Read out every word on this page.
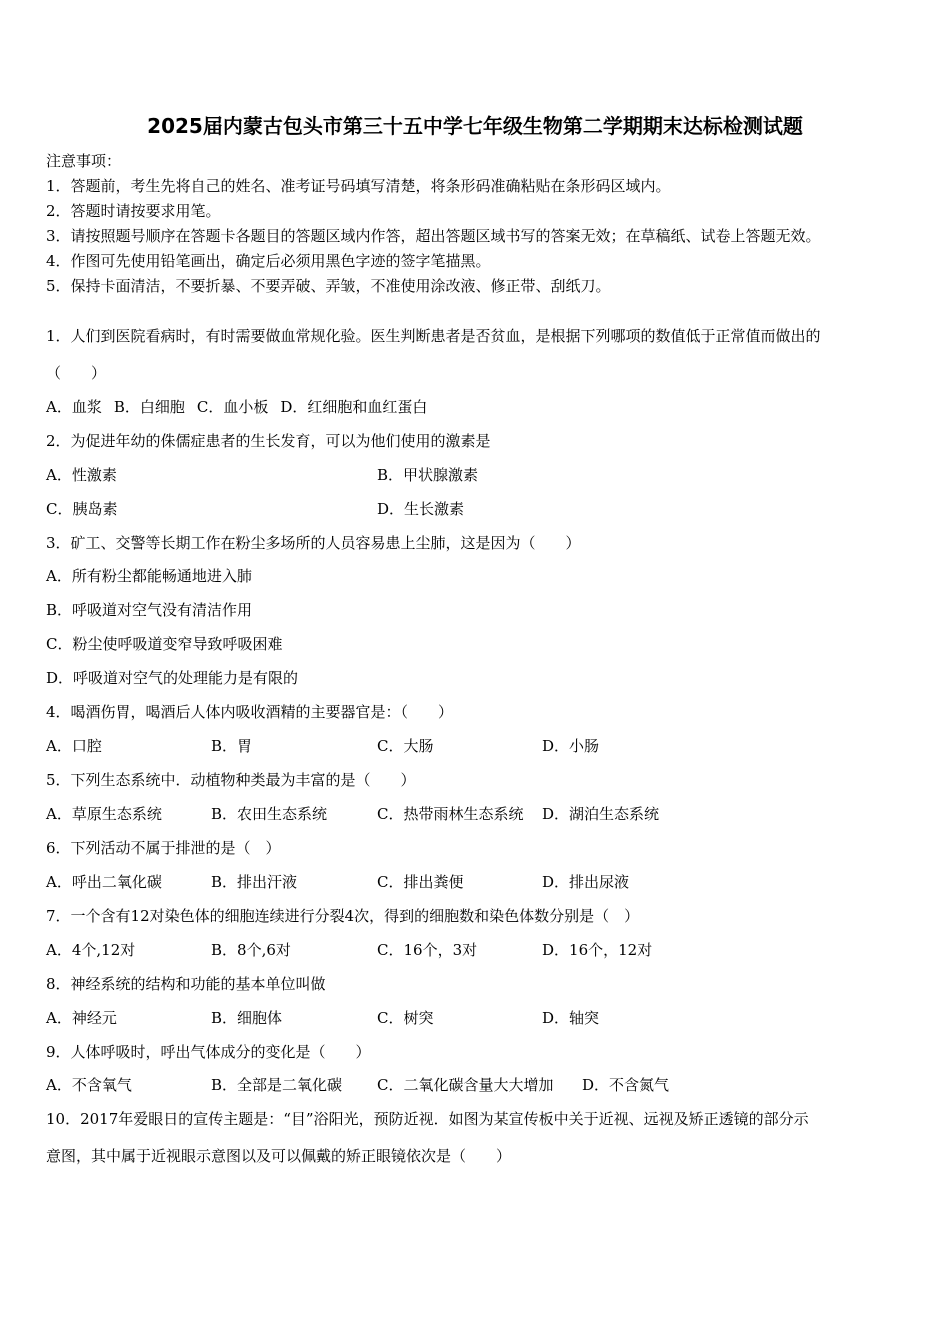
2025届内蒙古包头市第三十五中学七年级生物第二学期期末达标检测试题
注意事项：
1．答题前，考生先将自己的姓名、准考证号码填写清楚，将条形码准确粘贴在条形码区域内。
2．答题时请按要求用笔。
3．请按照题号顺序在答题卡各题目的答题区域内作答，超出答题区域书写的答案无效；在草稿纸、试卷上答题无效。
4．作图可先使用铅笔画出，确定后必须用黑色字迹的签字笔描黑。
5．保持卡面清洁，不要折暴、不要弄破、弄皱，不准使用涂改液、修正带、刮纸刀。
1．人们到医院看病时，有时需要做血常规化验。医生判断患者是否贫血，是根据下列哪项的数值低于正常值而做出的
（　　）
A．血浆 B．白细胞 C．血小板 D．红细胞和血红蛋白
2．为促进年幼的侏儒症患者的生长发育，可以为他们使用的激素是
A．性激素	B．甲状腺激素
C．胰岛素	D．生长激素
3．矿工、交警等长期工作在粉尘多场所的人员容易患上尘肺，这是因为（　　）
A．所有粉尘都能畅通地进入肺
B．呼吸道对空气没有清洁作用
C．粉尘使呼吸道变窄导致呼吸困难
D．呼吸道对空气的处理能力是有限的
4．喝酒伤胃，喝酒后人体内吸收酒精的主要器官是：（　　）
A．口腔	B．胃	C．大肠	D．小肠
5．下列生态系统中．动植物种类最为丰富的是（　　）
A．草原生态系统	B．农田生态系统	C．热带雨林生态系统 D．湖泊生态系统
6．下列活动不属于排泄的是（　）
A．呼出二氧化碳	B．排出汗液	C．排出粪便	D．排出尿液
7．一个含有12对染色体的细胞连续进行分裂4次，得到的细胞数和染色体数分别是（　）
A．4个,12对	B．8个,6对	C．16个，3对	D．16个，12对
8．神经系统的结构和功能的基本单位叫做
A．神经元	B．细胞体	C．树突	D．轴突
9．人体呼吸时，呼出气体成分的变化是（　　）
A．不含氧气	B．全部是二氧化碳 C．二氧化碳含量大大增加 D．不含氮气
10．2017年爱眼日的宣传主题是：“目”浴阳光，预防近视．如图为某宣传板中关于近视、远视及矫正透镜的部分示
意图，其中属于近视眼示意图以及可以佩戴的矫正眼镜依次是（　　）
